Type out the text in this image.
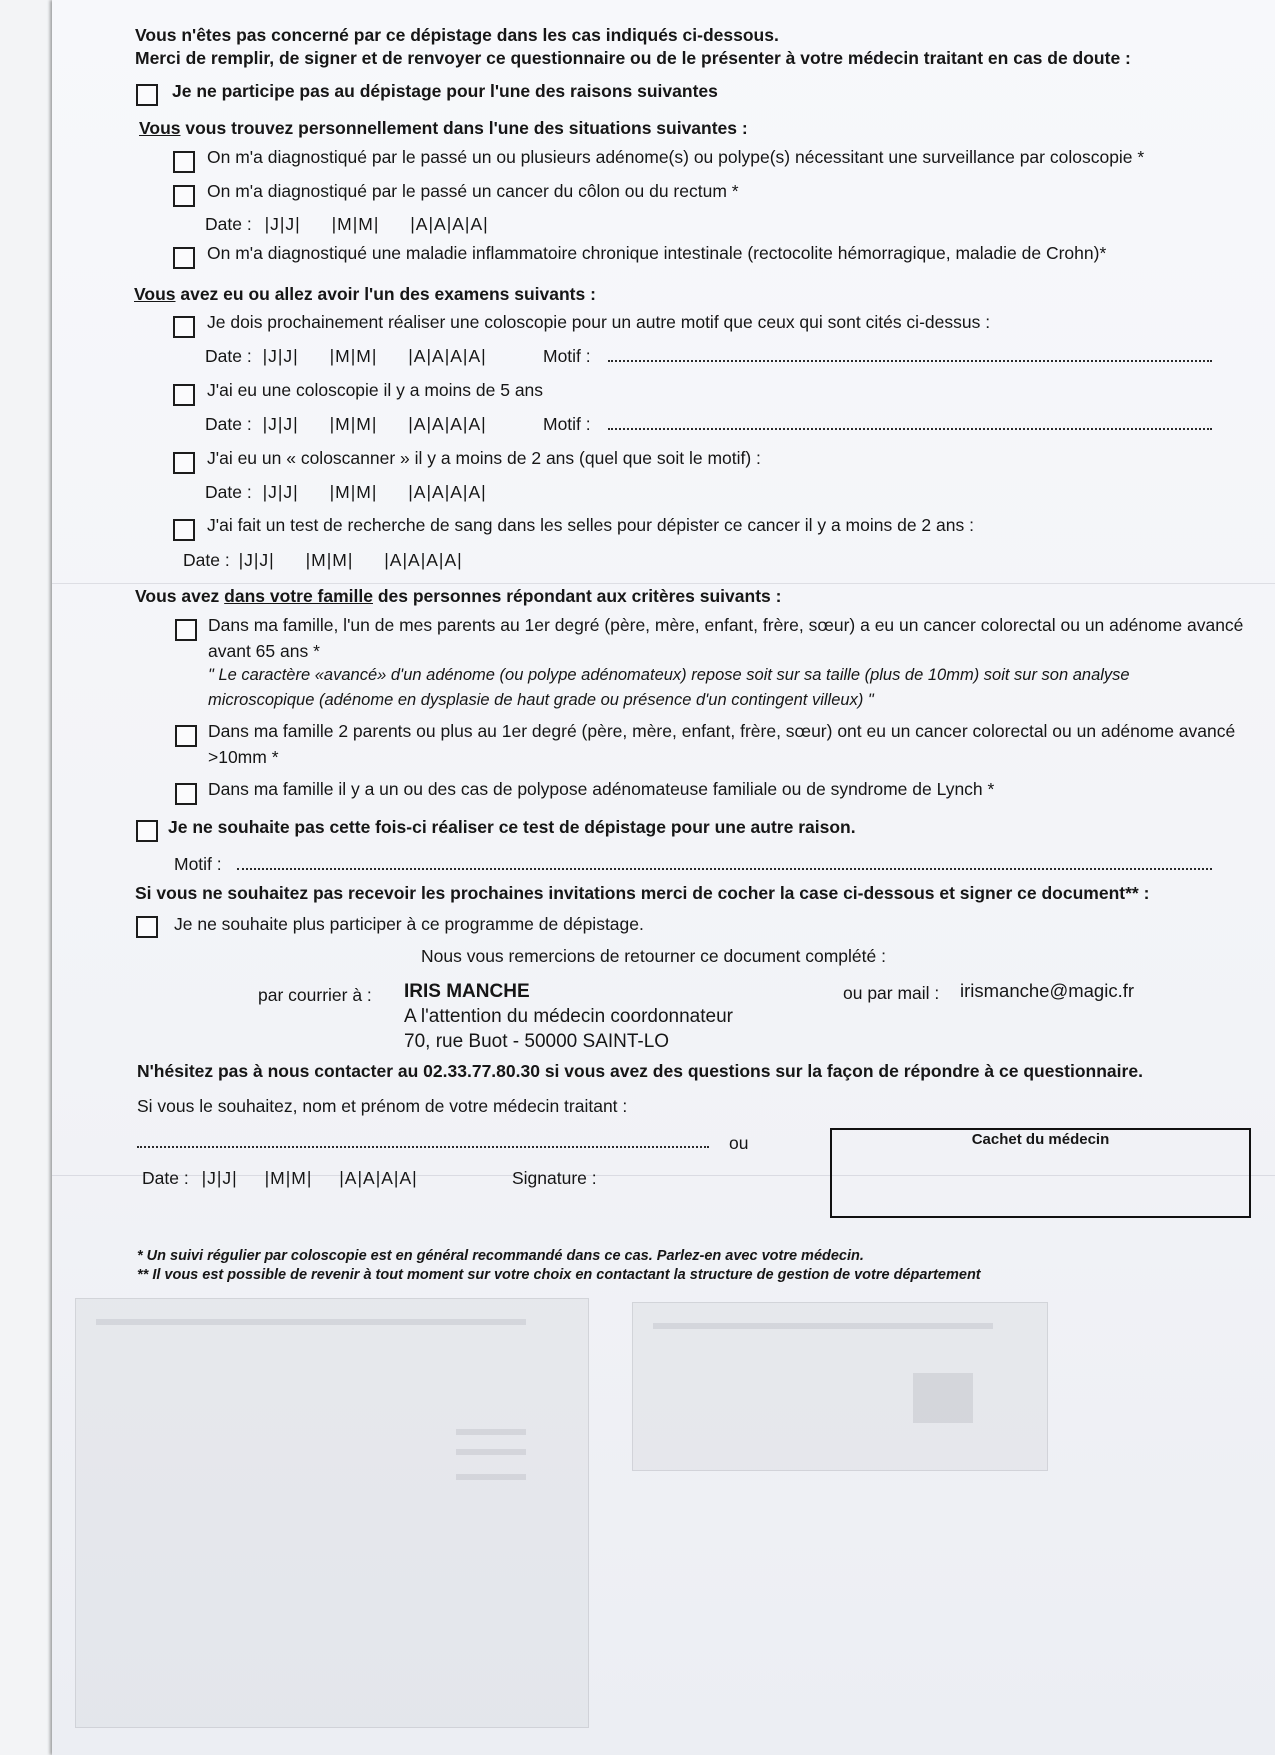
Vous n'êtes pas concerné par ce dépistage dans les cas indiqués ci-dessous.
Merci de remplir, de signer et de renvoyer ce questionnaire ou de le présenter à votre médecin traitant en cas de doute :
Je ne participe pas au dépistage pour l'une des raisons suivantes
Vous vous trouvez personnellement dans l'une des situations suivantes :
On m'a diagnostiqué par le passé un ou plusieurs adénome(s) ou polype(s) nécessitant une surveillance par coloscopie *
On m'a diagnostiqué par le passé un cancer du côlon ou du rectum *
Date : |J|J| |M|M| |A|A|A|A|
On m'a diagnostiqué une maladie inflammatoire chronique intestinale (rectocolite hémorragique, maladie de Crohn)*
Vous avez eu ou allez avoir l'un des examens suivants :
Je dois prochainement réaliser une coloscopie pour un autre motif que ceux qui sont cités ci-dessus :
Date : |J|J| |M|M| |A|A|A|A|	Motif :
J'ai eu une coloscopie il y a moins de 5 ans
Date : |J|J| |M|M| |A|A|A|A|	Motif :
J'ai eu un « coloscanner » il y a moins de 2 ans (quel que soit le motif) :
Date : |J|J| |M|M| |A|A|A|A|
J'ai fait un test de recherche de sang dans les selles pour dépister ce cancer il y a moins de 2 ans :
Date : |J|J| |M|M| |A|A|A|A|
Vous avez dans votre famille des personnes répondant aux critères suivants :
Dans ma famille, l'un de mes parents au 1er degré (père, mère, enfant, frère, sœur) a eu un cancer colorectal ou un adénome avancé
avant 65 ans *
" Le caractère «avancé» d'un adénome (ou polype adénomateux) repose soit sur sa taille (plus de 10mm) soit sur son analyse
microscopique (adénome en dysplasie de haut grade ou présence d'un contingent villeux) "
Dans ma famille 2 parents ou plus au 1er degré (père, mère, enfant, frère, sœur) ont eu un cancer colorectal ou un adénome avancé
>10mm *
Dans ma famille il y a un ou des cas de polypose adénomateuse familiale ou de syndrome de Lynch *
Je ne souhaite pas cette fois-ci réaliser ce test de dépistage pour une autre raison.
Motif :
Si vous ne souhaitez pas recevoir les prochaines invitations merci de cocher la case ci-dessous et signer ce document** :
Je ne souhaite plus participer à ce programme de dépistage.
Nous vous remercions de retourner ce document complété :
par courrier à : IRIS MANCHE
A l'attention du médecin coordonnateur
70, rue Buot - 50000 SAINT-LO
ou par mail : irismanche@magic.fr
N'hésitez pas à nous contacter au 02.33.77.80.30 si vous avez des questions sur la façon de répondre à ce questionnaire.
Si vous le souhaitez, nom et prénom de votre médecin traitant :
ou	Cachet du médecin
Date : |J|J| |M|M| |A|A|A|A|	Signature :
* Un suivi régulier par coloscopie est en général recommandé dans ce cas. Parlez-en avec votre médecin.
** Il vous est possible de revenir à tout moment sur votre choix en contactant la structure de gestion de votre département
